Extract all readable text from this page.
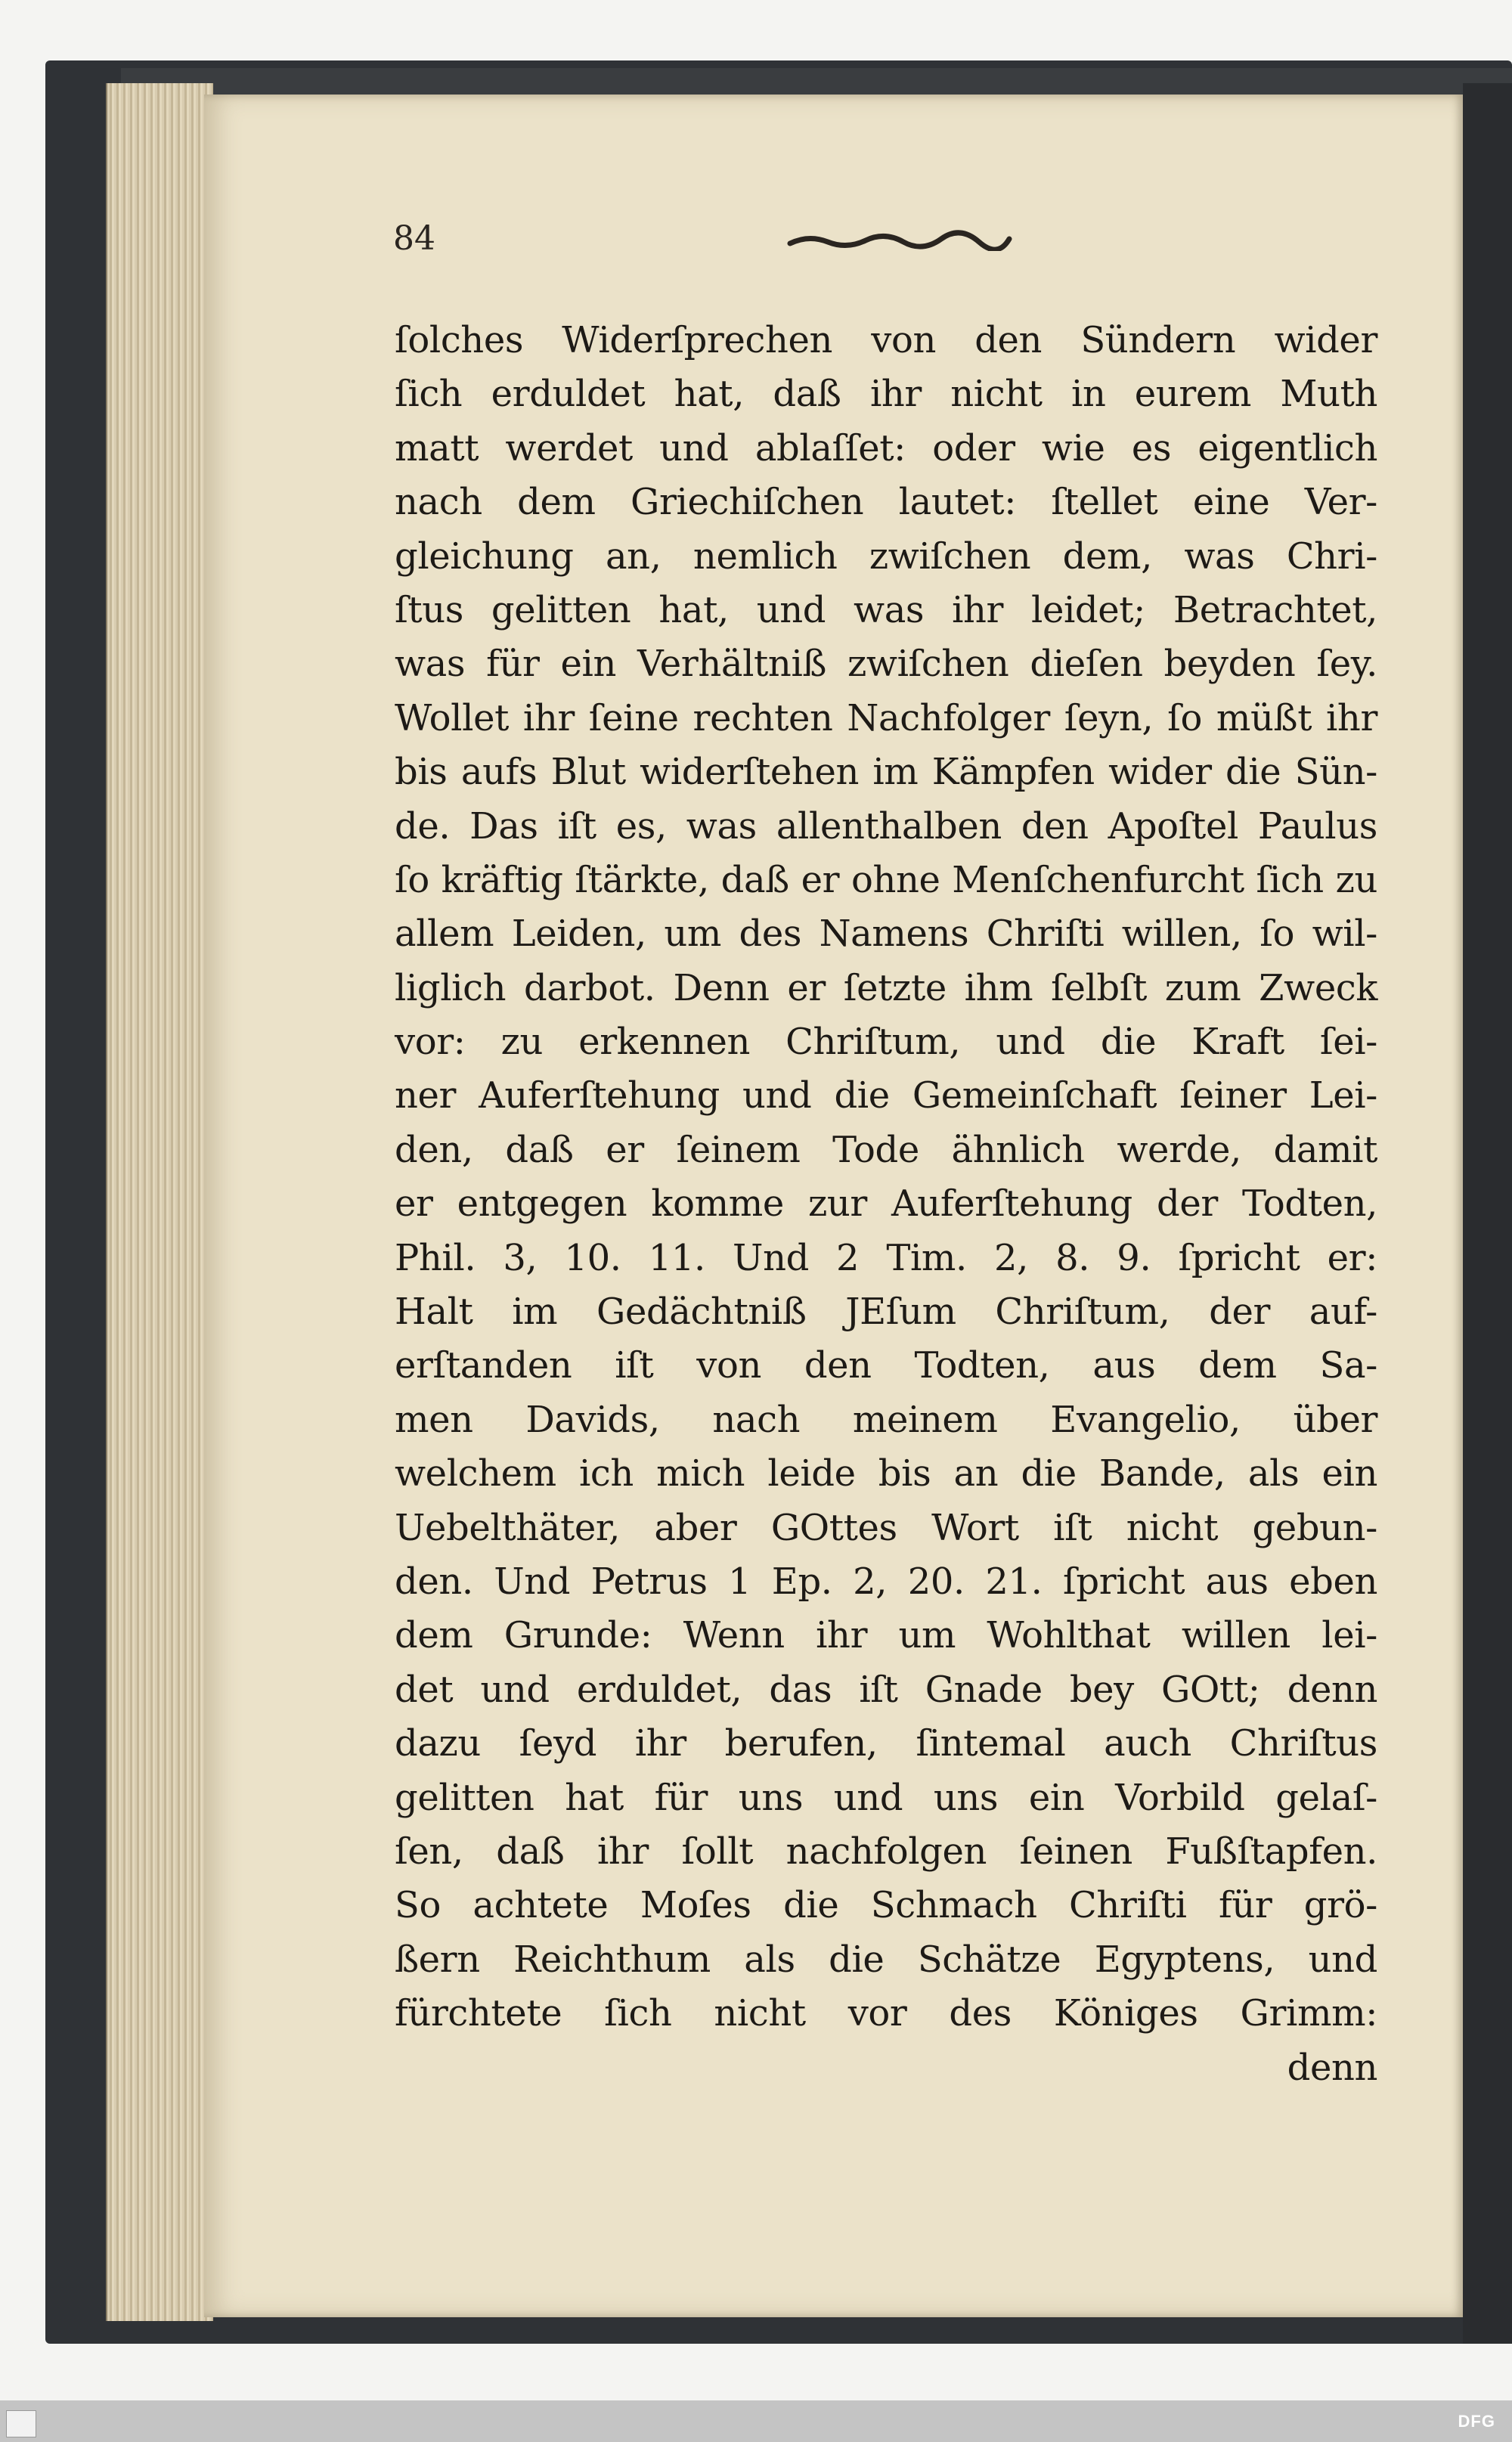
84
ſolches Widerſprechen von den Sündern wider
ſich erduldet hat, daß ihr nicht in eurem Muth
matt werdet und ablaſſet: oder wie es eigentlich
nach dem Griechiſchen lautet: ſtellet eine Ver-
gleichung an, nemlich zwiſchen dem, was Chri-
ſtus gelitten hat, und was ihr leidet; Betrachtet,
was für ein Verhältniß zwiſchen dieſen beyden ſey.
Wollet ihr ſeine rechten Nachfolger ſeyn, ſo müßt ihr
bis aufs Blut widerſtehen im Kämpfen wider die Sün-
de. Das iſt es, was allenthalben den Apoſtel Paulus
ſo kräftig ſtärkte, daß er ohne Menſchenfurcht ſich zu
allem Leiden, um des Namens Chriſti willen, ſo wil-
liglich darbot. Denn er ſetzte ihm ſelbſt zum Zweck
vor: zu erkennen Chriſtum, und die Kraft ſei-
ner Auferſtehung und die Gemeinſchaft ſeiner Lei-
den, daß er ſeinem Tode ähnlich werde, damit
er entgegen komme zur Auferſtehung der Todten,
Phil. 3, 10. 11. Und 2 Tim. 2, 8. 9. ſpricht er:
Halt im Gedächtniß JEſum Chriſtum, der auf-
erſtanden iſt von den Todten, aus dem Sa-
men Davids, nach meinem Evangelio, über
welchem ich mich leide bis an die Bande, als ein
Uebelthäter, aber GOttes Wort iſt nicht gebun-
den. Und Petrus 1 Ep. 2, 20. 21. ſpricht aus eben
dem Grunde: Wenn ihr um Wohlthat willen lei-
det und erduldet, das iſt Gnade bey GOtt; denn
dazu ſeyd ihr berufen, ſintemal auch Chriſtus
gelitten hat für uns und uns ein Vorbild gelaſ-
ſen, daß ihr ſollt nachfolgen ſeinen Fußſtapfen.
So achtete Moſes die Schmach Chriſti für grö-
ßern Reichthum als die Schätze Egyptens, und
fürchtete ſich nicht vor des Königes Grimm:
denn
DFG
